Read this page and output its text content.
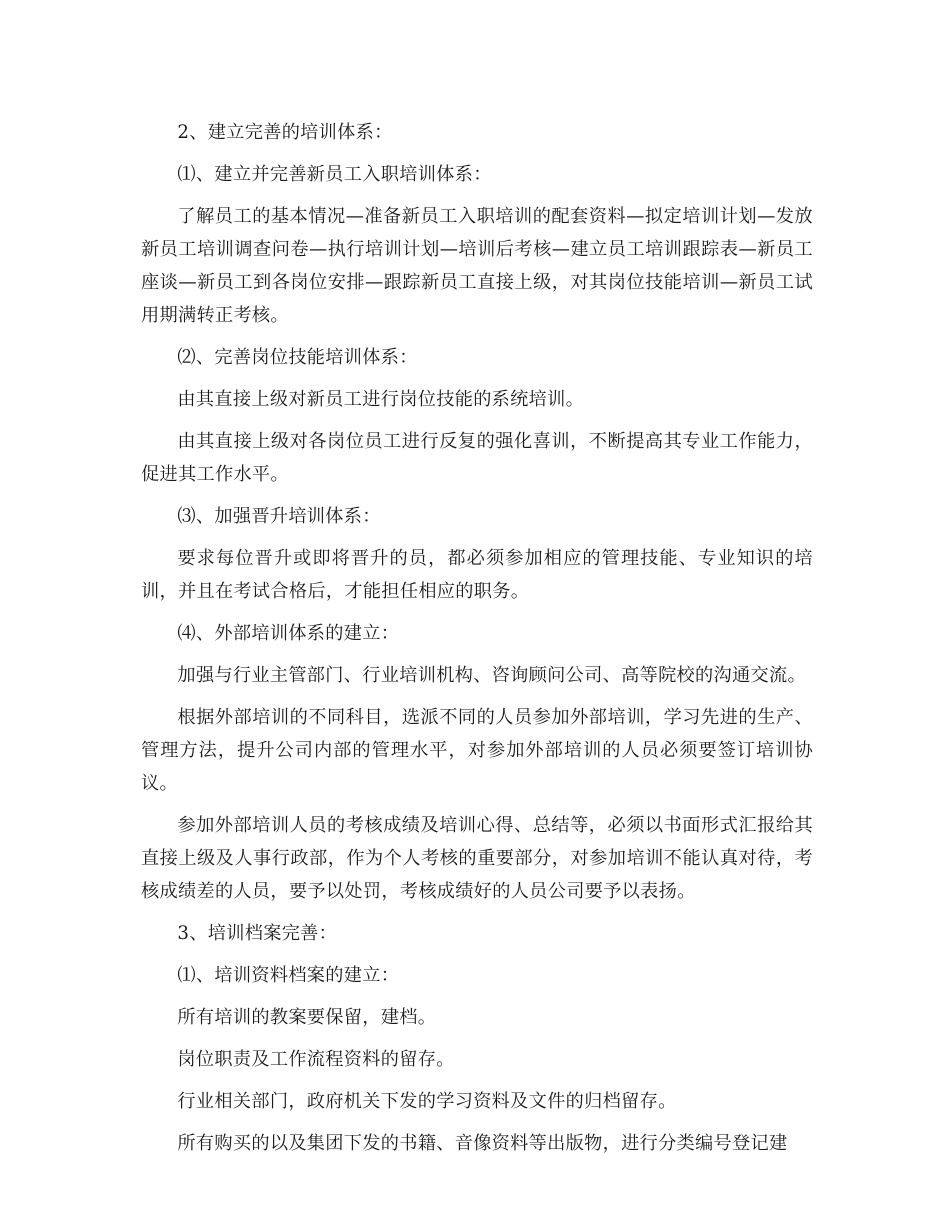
2、建立完善的培训体系：

⑴、建立并完善新员工入职培训体系：

了解员工的基本情况—准备新员工入职培训的配套资料—拟定培训计划—发放新员工培训调查问卷—执行培训计划—培训后考核—建立员工培训跟踪表—新员工座谈—新员工到各岗位安排—跟踪新员工直接上级，对其岗位技能培训—新员工试用期满转正考核。

⑵、完善岗位技能培训体系：

由其直接上级对新员工进行岗位技能的系统培训。

由其直接上级对各岗位员工进行反复的强化喜训，不断提高其专业工作能力，促进其工作水平。

⑶、加强晋升培训体系：

要求每位晋升或即将晋升的员，都必须参加相应的管理技能、专业知识的培训，并且在考试合格后，才能担任相应的职务。

⑷、外部培训体系的建立：

加强与行业主管部门、行业培训机构、咨询顾问公司、高等院校的沟通交流。

根据外部培训的不同科目，选派不同的人员参加外部培训，学习先进的生产、管理方法，提升公司内部的管理水平，对参加外部培训的人员必须要签订培训协议。

参加外部培训人员的考核成绩及培训心得、总结等，必须以书面形式汇报给其直接上级及人事行政部，作为个人考核的重要部分，对参加培训不能认真对待，考核成绩差的人员，要予以处罚，考核成绩好的人员公司要予以表扬。

3、培训档案完善：

⑴、培训资料档案的建立：

所有培训的教案要保留，建档。

岗位职责及工作流程资料的留存。

行业相关部门，政府机关下发的学习资料及文件的归档留存。

所有购买的以及集团下发的书籍、音像资料等出版物，进行分类编号登记建
